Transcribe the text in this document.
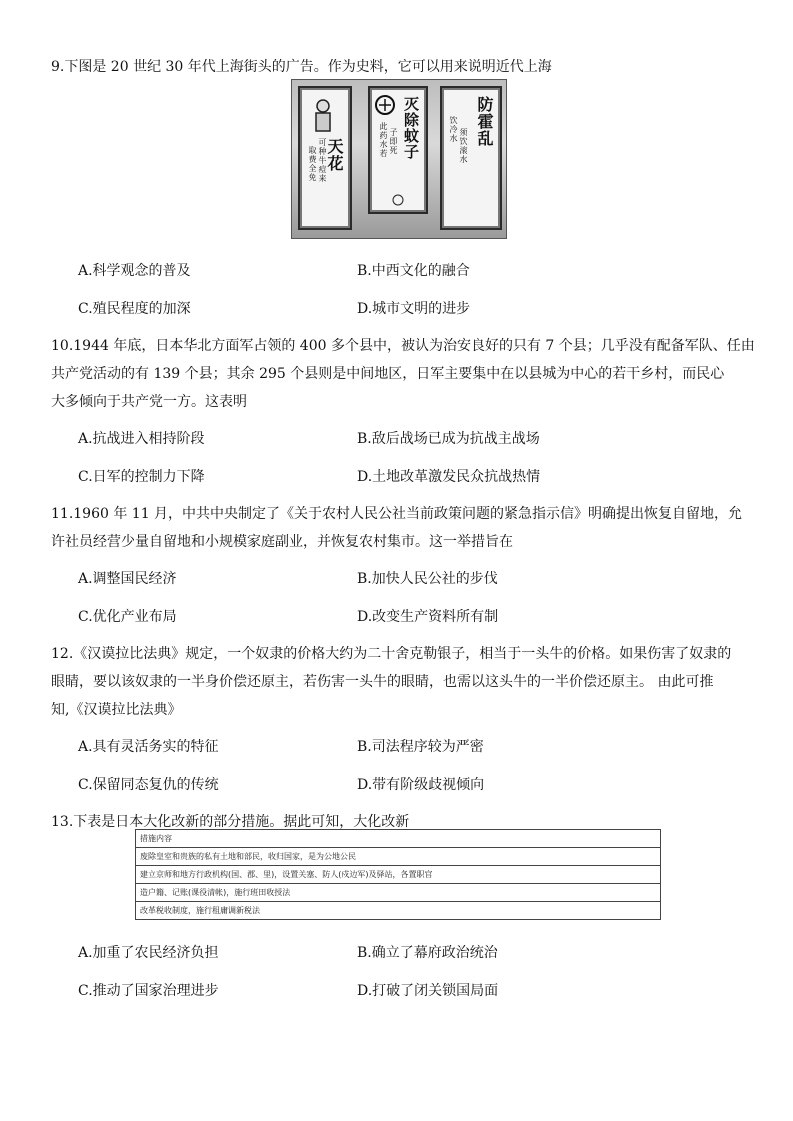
9.下图是 20 世纪 30 年代上海街头的广告。作为史料，它可以用来说明近代上海
天花
可种牛痘来
取费全免
灭除蚊子
此药水若 子即死	防霍乱
饮冷水 须饮滚水
A.科学观念的普及	B.中西文化的融合
C.殖民程度的加深	D.城市文明的进步
10.1944 年底，日本华北方面军占领的 400 多个县中，被认为治安良好的只有 7 个县；几乎没有配备军队、任由
共产党活动的有 139 个县；其余 295 个县则是中间地区，日军主要集中在以县城为中心的若干乡村，而民心
大多倾向于共产党一方。这表明
A.抗战进入相持阶段	B.敌后战场已成为抗战主战场
C.日军的控制力下降	D.土地改革激发民众抗战热情
11.1960 年 11 月，中共中央制定了《关于农村人民公社当前政策问题的紧急指示信》明确提出恢复自留地，允
许社员经营少量自留地和小规模家庭副业，并恢复农村集市。这一举措旨在
A.调整国民经济	B.加快人民公社的步伐
C.优化产业布局	D.改变生产资料所有制
12.《汉谟拉比法典》规定，一个奴隶的价格大约为二十舍克勒银子，相当于一头牛的价格。如果伤害了奴隶的
眼睛，要以该奴隶的一半身价偿还原主，若伤害一头牛的眼睛，也需以这头牛的一半价偿还原主。 由此可推
知,《汉谟拉比法典》
A.具有灵活务实的特征	B.司法程序较为严密
C.保留同态复仇的传统	D.带有阶级歧视倾向
13.下表是日本大化改新的部分措施。据此可知，大化改新
措施内容
废除皇室和贵族的私有土地和部民，收归国家，是为公地公民
建立京师和地方行政机构(国、郡、里)，设置关塞、防人(戍边军)及驿站，各置职官
造户籍、记账(课役清帐)，施行班田收授法
改革税收制度，施行租庸调新税法
A.加重了农民经济负担	B.确立了幕府政治统治
C.推动了国家治理进步	D.打破了闭关锁国局面
